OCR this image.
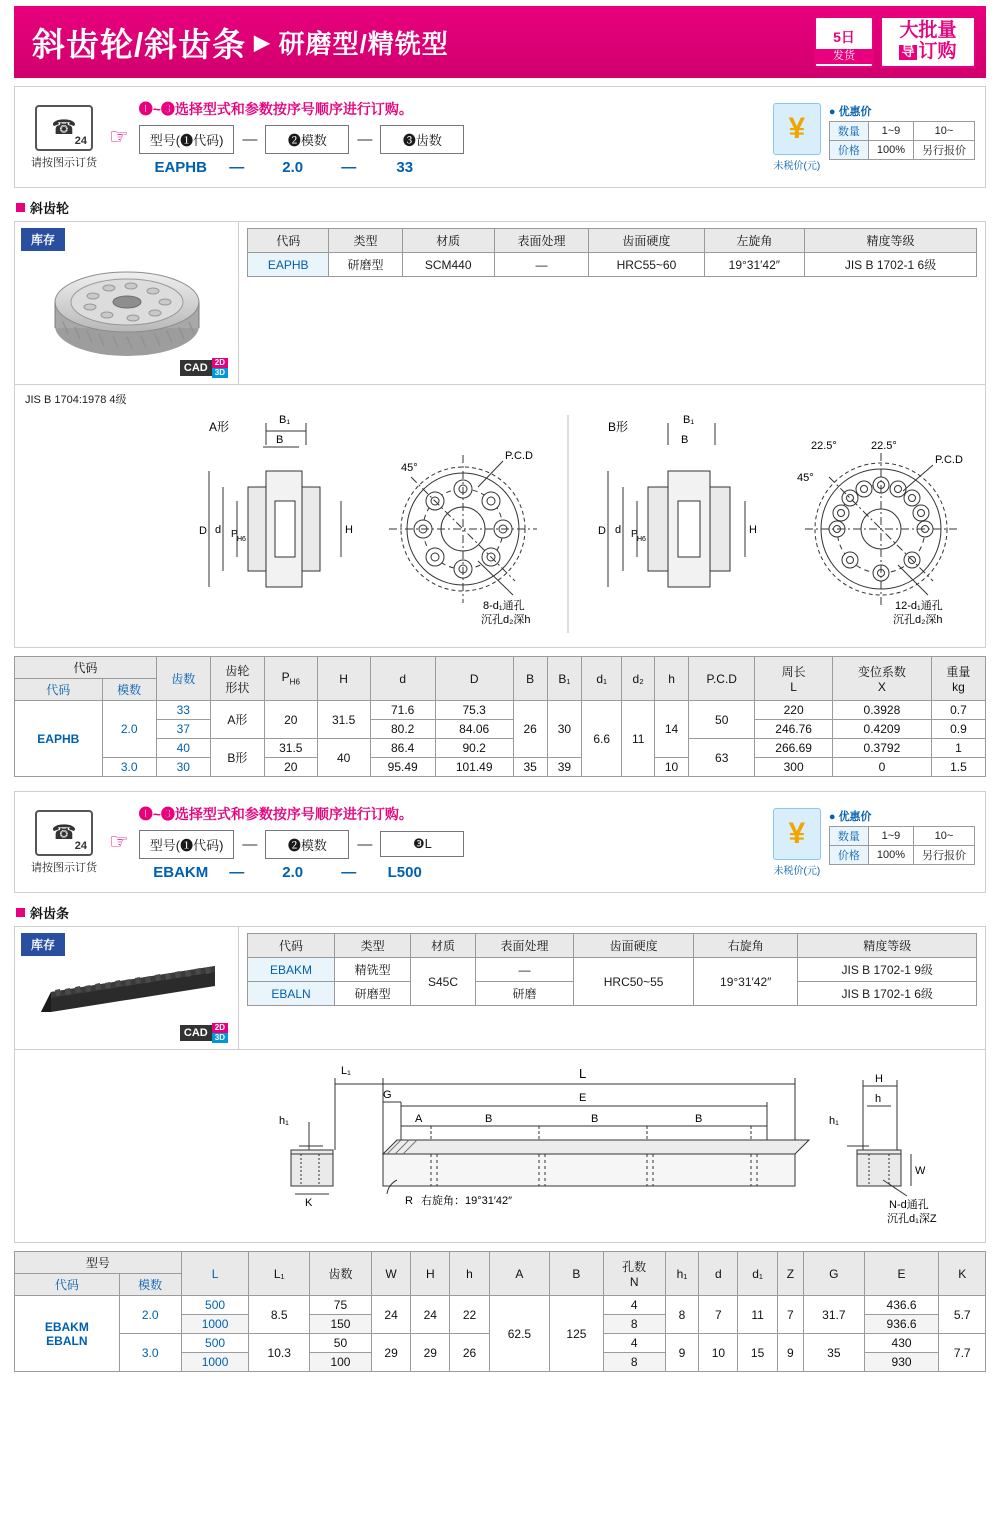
斜齿轮/斜齿条 ▶ 研磨型/精铣型	5日
发货
大批量
导 订购
☎
24
请按图示订货
☞
❶~❸选择型式和参数按序号顺序进行订购。
型号(❶代码) — ❷模数 — ❸齿数
EAPHB	—	2.0	—	33
¥
未税价(元)
● 优惠价
数量	1~9	10~
价格	100%	另行报价
斜齿轮
库存
CAD 2D
3D
代码	类型	材质	表面处理	齿面硬度	左旋角	精度等级
EAPHB	研磨型	SCM440	—	HRC55~60	19°31′42″	JIS B 1702-1 6级
JIS B 1704:1978 4级
A形	B₁
B
D d P H6
H
45°
P.C.D
8-d₁通孔
沉孔d₂深h
B形	B₁
B
D d P H6
H
22.5°	22.5°
45°
P.C.D
12-d₁通孔
沉孔d₂深h
代码		齿数	齿轮
形状	$P_{H6}$	H	d	D	B	B₁	d₁	d₂	h	P.C.D	周长
L	变位系数
X	重量
kg
代码	模数															
EAPHB	2.0	33	A形	20	31.5	71.6	75.3	26	30	6.6	11	14	50	220	0.3928	0.7
		37				80.2	84.06							246.76	0.4209	0.9
		40	B形	31.5	40	86.4	90.2						63	266.69	0.3792	1
	3.0	30		20		95.49	101.49	35	39			10		300	0	1.5
☎
24
请按图示订货
☞
❶~❸选择型式和参数按序号顺序进行订购。
型号(❶代码) — ❷模数 —	❸L
EBAKM	—	2.0	—	L500
¥
未税价(元)
● 优惠价
数量	1~9	10~
价格	100%	另行报价
斜齿条
库存
CAD 2D
3D
代码	类型	材质	表面处理	齿面硬度	右旋角	精度等级
EBAKM	精铣型	S45C	—	HRC50~55	19°31′42″	JIS B 1702-1 9级
EBALN	研磨型		研磨			JIS B 1702-1 6级
L₁	L
G	E
A	B	B	B
K
h₁
R 右旋角：19°31′42″
H
h
W
h₁
N-d通孔
沉孔d₁深Z
型号		L	L₁	齿数	W	H	h	A	B	孔数
N	h₁	d	d₁	Z	G	E	K
代码	模数																
EBAKM
EBALN	2.0	500	8.5	75	24	24	22	62.5	125	4	8	7	11	7	31.7	436.6	5.7
		1000		150						8						936.6	
	3.0	500	10.3	50	29	29	26			4	9	10	15	9	35	430	7.7
		1000		100						8						930	
